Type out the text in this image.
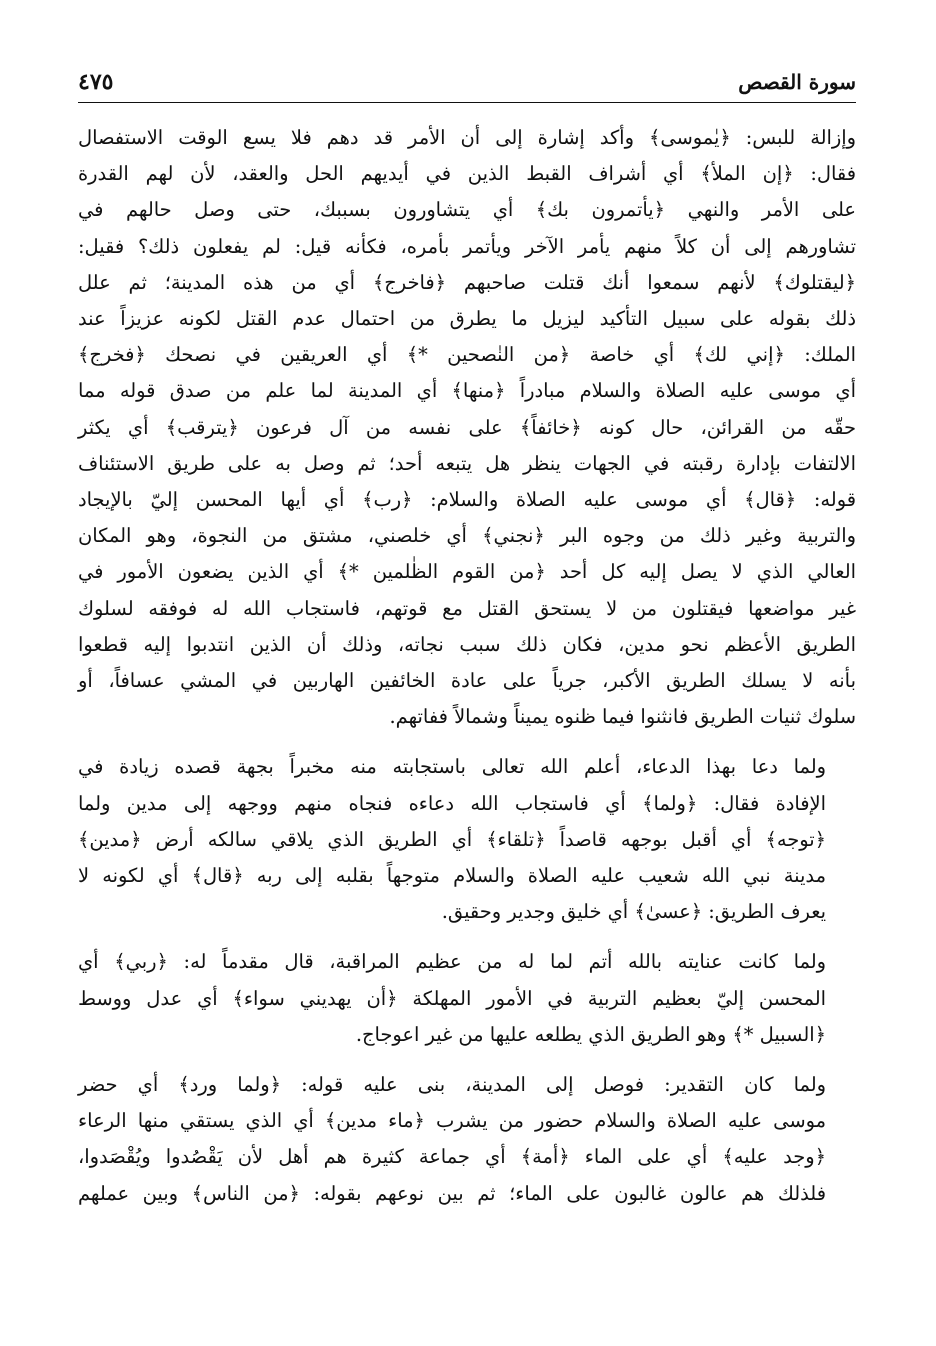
سورة القصص
٤٧٥
وإزالة للبس: ﴿يٰموسى﴾ وأكد إشارة إلى أن الأمر قد دهم فلا يسع الوقت الاستفصال
فقال: ﴿إن الملأ﴾ أي أشراف القبط الذين في أيديهم الحل والعقد، لأن لهم القدرة
على الأمر والنهي ﴿يأتمرون بك﴾ أي يتشاورون بسببك، حتى وصل حالهم في
تشاورهم إلى أن كلاً منهم يأمر الآخر ويأتمر بأمره، فكأنه قيل: لم يفعلون ذلك؟ فقيل:
﴿ليقتلوك﴾ لأنهم سمعوا أنك قتلت صاحبهم ﴿فاخرج﴾ أي من هذه المدينة؛ ثم علل
ذلك بقوله على سبيل التأكيد ليزيل ما يطرق من احتمال عدم القتل لكونه عزيزاً عند
الملك: ﴿إني لك﴾ أي خاصة ﴿من النٰصحين *﴾ أي العريقين في نصحك ﴿فخرج﴾
أي موسى عليه الصلاة والسلام مبادراً ﴿منها﴾ أي المدينة لما علم من صدق قوله مما
حقّه من القرائن، حال كونه ﴿خائفاً﴾ على نفسه من آل فرعون ﴿يترقب﴾ أي يكثر
الالتفات بإدارة رقبته في الجهات ينظر هل يتبعه أحد؛ ثم وصل به على طريق الاستئناف
قوله: ﴿قال﴾ أي موسى عليه الصلاة والسلام: ﴿رب﴾ أي أيها المحسن إليّ بالإيجاد
والتربية وغير ذلك من وجوه البر ﴿نجني﴾ أي خلصني، مشتق من النجوة، وهو المكان
العالي الذي لا يصل إليه كل أحد ﴿من القوم الظٰلمين *﴾ أي الذين يضعون الأمور في
غير مواضعها فيقتلون من لا يستحق القتل مع قوتهم، فاستجاب الله له فوفقه لسلوك
الطريق الأعظم نحو مدين، فكان ذلك سبب نجاته، وذلك أن الذين انتدبوا إليه قطعوا
بأنه لا يسلك الطريق الأكبر، جرياً على عادة الخائفين الهاربين في المشي عسافاً، أو
سلوك ثنيات الطريق فانثنوا فيما ظنوه يميناً وشمالاً ففاتهم.
ولما دعا بهذا الدعاء، أعلم الله تعالى باستجابته منه مخبراً بجهة قصده زيادة في
الإفادة فقال: ﴿ولما﴾ أي فاستجاب الله دعاءه فنجاه منهم ووجهه إلى مدين ولما
﴿توجه﴾ أي أقبل بوجهه قاصداً ﴿تلقاء﴾ أي الطريق الذي يلاقي سالكه أرض ﴿مدين﴾
مدينة نبي الله شعيب عليه الصلاة والسلام متوجهاً بقلبه إلى ربه ﴿قال﴾ أي لكونه لا
يعرف الطريق: ﴿عسىٰ﴾ أي خليق وجدير وحقيق.
ولما كانت عنايته بالله أتم لما له من عظيم المراقبة، قال مقدماً له: ﴿ربي﴾ أي
المحسن إليّ بعظيم التربية في الأمور المهلكة ﴿أن يهديني سواء﴾ أي عدل ووسط
﴿السبيل *﴾ وهو الطريق الذي يطلعه عليها من غير اعوجاج.
ولما كان التقدير: فوصل إلى المدينة، بنى عليه قوله: ﴿ولما ورد﴾ أي حضر
موسى عليه الصلاة والسلام حضور من يشرب ﴿ماء مدين﴾ أي الذي يستقي منها الرعاء
﴿وجد عليه﴾ أي على الماء ﴿أمة﴾ أي جماعة كثيرة هم أهل لأن يَقْصُدوا ويُقْصَدوا،
فلذلك هم عالون غالبون على الماء؛ ثم بين نوعهم بقوله: ﴿من الناس﴾ وبين عملهم
